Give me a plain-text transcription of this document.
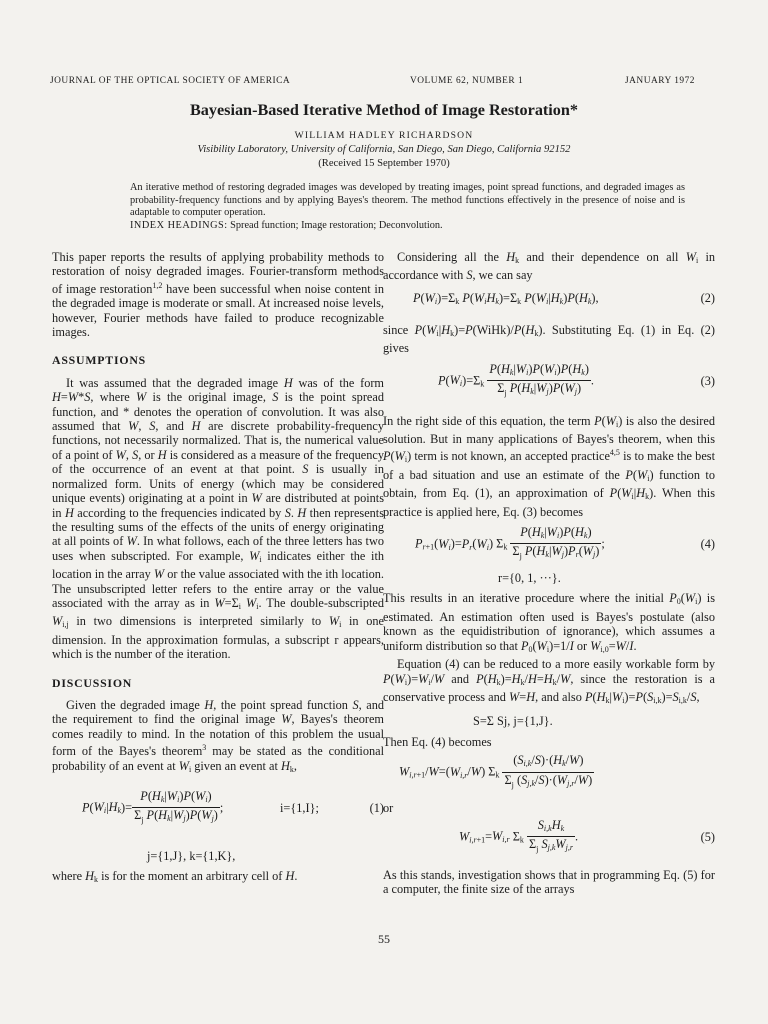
JOURNAL OF THE OPTICAL SOCIETY OF AMERICA	VOLUME 62, NUMBER 1	JANUARY 1972
Bayesian-Based Iterative Method of Image Restoration*
WILLIAM HADLEY RICHARDSON
Visibility Laboratory, University of California, San Diego, San Diego, California 92152
(Received 15 September 1970)

An iterative method of restoring degraded images was developed by treating images, point spread functions, and degraded images as probability-frequency functions and by applying Bayes's theorem. The method functions effectively in the presence of noise and is adaptable to computer operation.

INDEX HEADINGS: Spread function; Image restoration; Deconvolution.

This paper reports the results of applying probability methods to restoration of noisy degraded images. Fourier-transform methods of image restoration$^{1,2}$ have been successful when noise content in the degraded image is moderate or small. At increased noise levels, however, Fourier methods have failed to produce recognizable images.

ASSUMPTIONS

It was assumed that the degraded image H was of the form H=W*S, where W is the original image, S is the point spread function, and * denotes the operation of convolution. It was also assumed that W, S, and H are discrete probability-frequency functions, not necessarily normalized. That is, the numerical value of a point of W, S, or H is considered as a measure of the frequency of the occurrence of an event at that point. S is usually in normalized form. Units of energy (which may be considered unique events) originating at a point in W are distributed at points in H according to the frequencies indicated by S. H then represents the resulting sums of the effects of the units of energy originating at all points of W. In what follows, each of the three letters has two uses when subscripted. For example, $W_i$ indicates either the ith location in the array W or the value associated with the ith location. The unsubscripted letter refers to the entire array or the value associated with the array as in $W=\Sigma_i$ $W_i$. The double-subscripted $W_{i,j}$ in two dimensions is interpreted similarly to $W_i$ in one dimension. In the approximation formulas, a subscript r appears, which is the number of the iteration.

DISCUSSION

Given the degraded image H, the point spread function S, and the requirement to find the original image W, Bayes's theorem comes readily to mind. In the notation of this problem the usual form of the Bayes's theorem$^3$ may be stated as the conditional probability of an event at $W_i$ given an event at $H_k$,

$P(W_i|H_k)= \frac{P(H_k|W_i)P(W_i)}{\Sigma_j P(H_k|W_j)P(W_j)}$ ;	i={1,I};	(1)
j={1,J}, k={1,K},

where $H_k$ is for the moment an arbitrary cell of H.

Considering all the $H_k$ and their dependence on all $W_i$ in accordance with S, we can say

$P(W_i)=\Sigma_k$ $P(W_iH_k)=\Sigma_k$ $P(W_i|H_k)P(H_k)$,	(2)

since $P(W_i|H_k)=P(WiHk)/P(H_k)$. Substituting Eq. (1) in Eq. (2) gives

$P(W_i)=\Sigma_k \frac{P(H_k|W_i)P(W_i)P(H_k)}{\Sigma_j P(H_k|W_j)P(W_j)}$ .	(3)

In the right side of this equation, the term $P(W_i)$ is also the desired solution. But in many applications of Bayes's theorem, when this $P(W_i)$ term is not known, an accepted practice$^{4,5}$ is to make the best of a bad situation and use an estimate of the $P(W_i)$ function to obtain, from Eq. (1), an approximation of $P(W_i|H_k)$. When this practice is applied here, Eq. (3) becomes

$P_{r+1}(W_i)=P_r(W_i)$ $\Sigma_k \frac{P(H_k|W_i)P(H_k)}{\Sigma_j P(H_k|W_j)P_r(W_j)}$ ;	(4)
r={0, 1, ···}.

This results in an iterative procedure where the initial $P_0(W_i)$ is estimated. An estimation often used is Bayes's postulate (also known as the equidistribution of ignorance), which assumes a uniform distribution so that $P_0(W_i)=1/I$ or $W_{i,0}=W/I$.

Equation (4) can be reduced to a more easily workable form by $P(W_i)=W_i/W$ and $P(H_k)=H_k/H=H_k/W$, since the restoration is a conservative process and W=H, and also $P(H_k|W_i)=P(S_{i,k})=S_{i,k}/S$,

S=Σ Sj, j={1,J}.

Then Eq. (4) becomes

$W_{i,r+1}/W=(W_{i,r}/W)$ $\Sigma_k \frac{(S_{i,k}/S)\cdot(H_k/W)}{\Sigma_j (S_{j,k}/S)\cdot(W_{j,r}/W)}$

or

$W_{i,r+1}=W_{i,r}$ $\Sigma_k \frac{S_{i,k}H_k}{\Sigma_j S_{j,k}W_{j,r}}$ .	(5)

As this stands, investigation shows that in programming Eq. (5) for a computer, the finite size of the arrays

55
